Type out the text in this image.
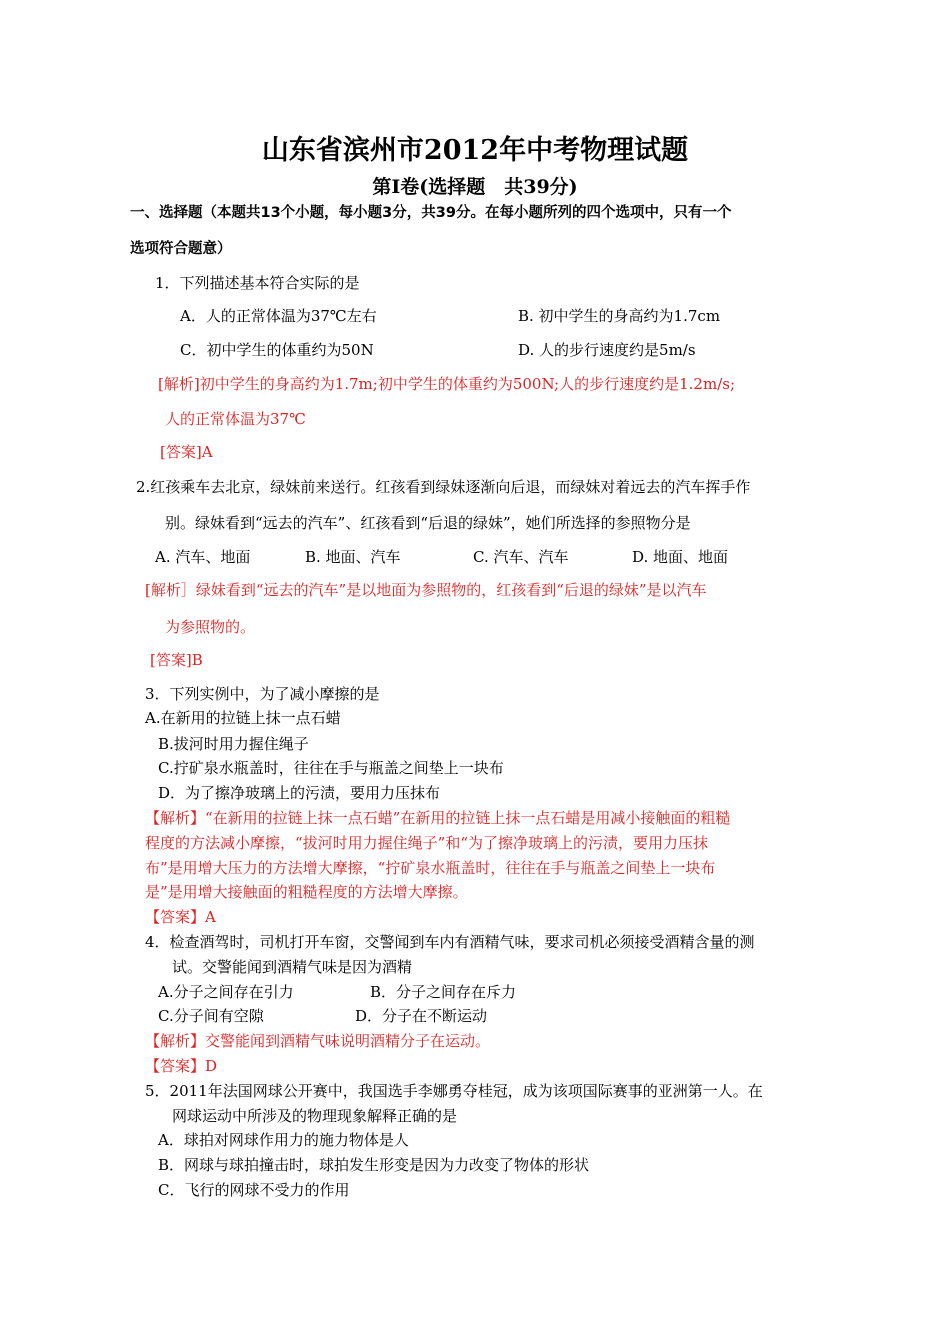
山东省滨州市2012年中考物理试题
第Ⅰ卷(选择题　共39分)
一、选择题（本题共13个小题，每小题3分，共39分。在每小题所列的四个选项中，只有一个
选项符合题意）
1．下列描述基本符合实际的是
A．人的正常体温为37℃左右	B. 初中学生的身高约为1.7cm
C．初中学生的体重约为50N	D. 人的步行速度约是5m/s
[解析]初中学生的身高约为1.7m;初中学生的体重约为500N;人的步行速度约是1.2m/s;
人的正常体温为37℃
[答案]A
2.红孩乘车去北京，绿妹前来送行。红孩看到绿妹逐渐向后退，而绿妹对着远去的汽车挥手作
别。绿妹看到“远去的汽车”、红孩看到“后退的绿妹”，她们所选择的参照物分是
A. 汽车、地面	B. 地面、汽车	C. 汽车、汽车	D. 地面、地面
[解析］绿妹看到“远去的汽车”是以地面为参照物的，红孩看到“后退的绿妹”是以汽车
为参照物的。
[答案]B
3．下列实例中，为了减小摩擦的是
A.在新用的拉链上抹一点石蜡
B.拔河时用力握住绳子
C.拧矿泉水瓶盖时，往往在手与瓶盖之间垫上一块布
D．为了擦净玻璃上的污渍，要用力压抹布
【解析】“在新用的拉链上抹一点石蜡”在新用的拉链上抹一点石蜡是用减小接触面的粗糙
程度的方法减小摩擦，“拔河时用力握住绳子”和“为了擦净玻璃上的污渍，要用力压抹
布”是用增大压力的方法增大摩擦，“拧矿泉水瓶盖时，往往在手与瓶盖之间垫上一块布
是”是用增大接触面的粗糙程度的方法增大摩擦。
【答案】A
4．检查酒驾时，司机打开车窗，交警闻到车内有酒精气味，要求司机必须接受酒精含量的测
试。交警能闻到酒精气味是因为酒精
A.分子之间存在引力	B．分子之间存在斥力
C.分子间有空隙	D．分子在不断运动
【解析】交警能闻到酒精气味说明酒精分子在运动。
【答案】D
5．2011年法国网球公开赛中，我国选手李娜勇夺桂冠，成为该项国际赛事的亚洲第一人。在
网球运动中所涉及的物理现象解释正确的是
A．球拍对网球作用力的施力物体是人
B．网球与球拍撞击时，球拍发生形变是因为力改变了物体的形状
C．飞行的网球不受力的作用
